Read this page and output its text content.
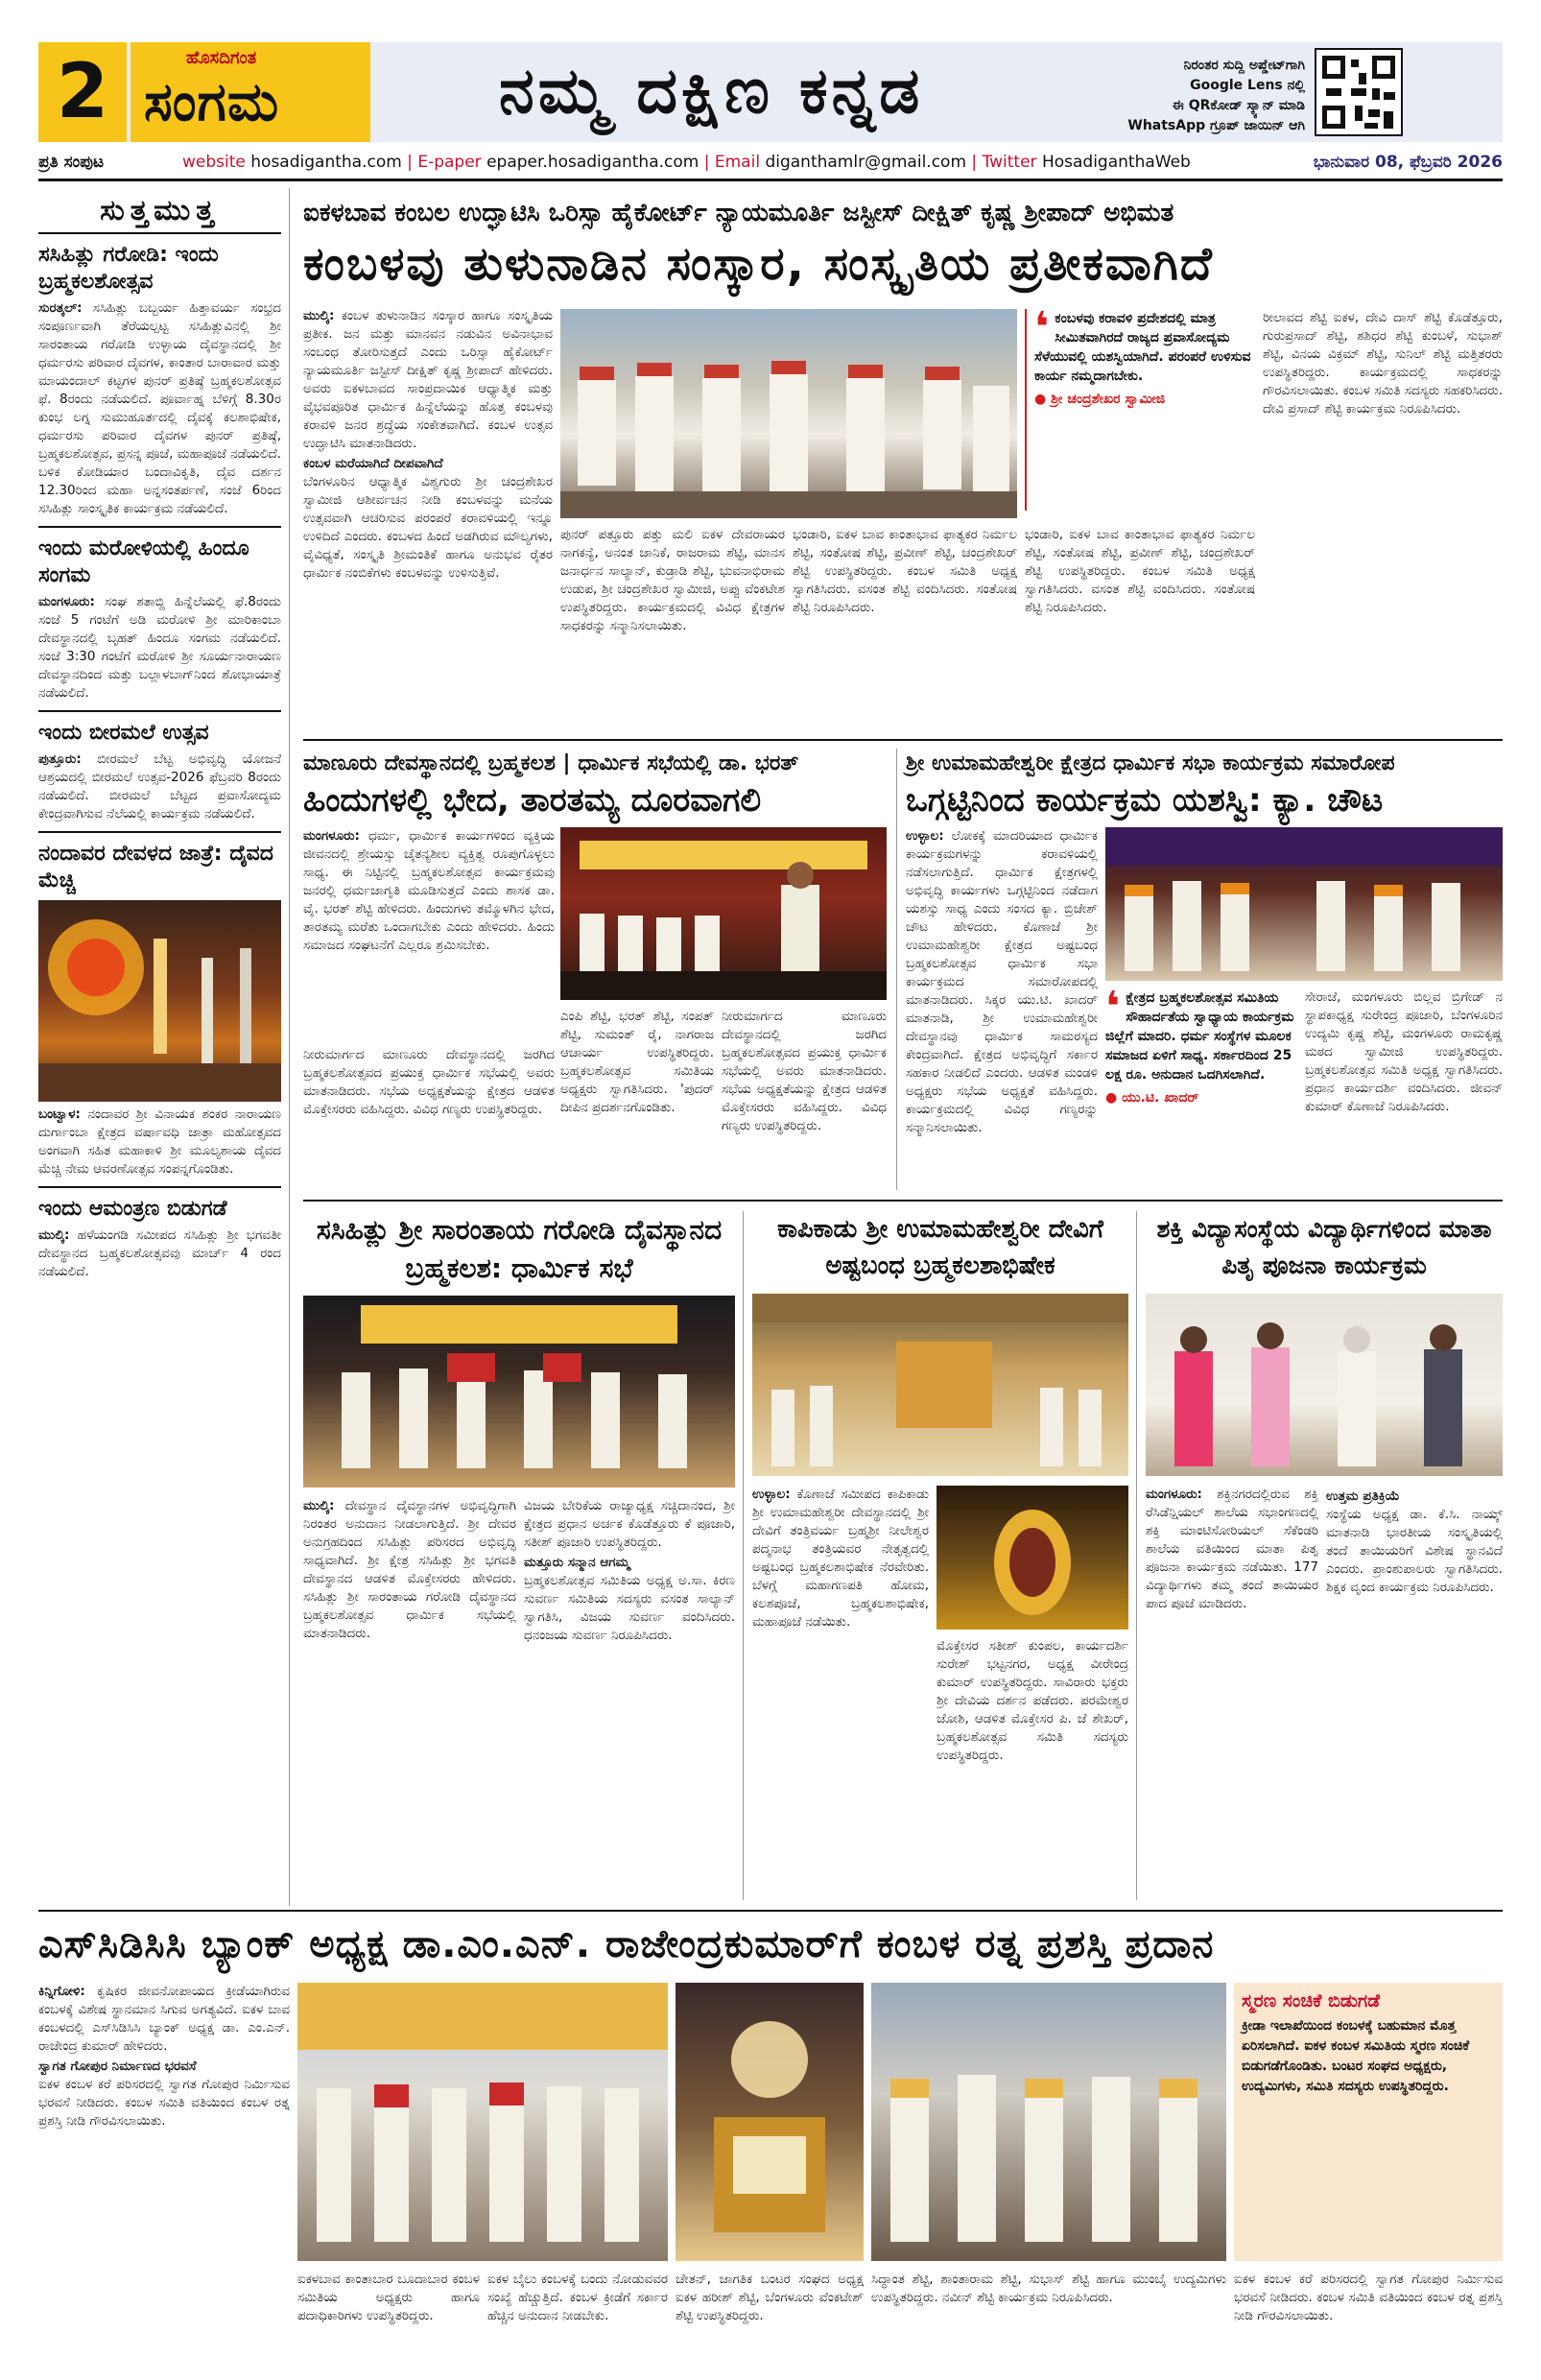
2	ಹೊಸದಿಗಂತ
ಸಂಗಮ	ನಮ್ಮ ದಕ್ಷಿಣ ಕನ್ನಡ	ನಿರಂತರ ಸುದ್ದಿ ಅಪ್ಡೇಟ್‌ಗಾಗಿ
Google Lens ನಲ್ಲಿ
ಈ QRಕೋಡ್ ಸ್ಕ್ಯಾನ್ ಮಾಡಿ
WhatsApp ಗ್ರೂಪ್ ಜಾಯಿನ್ ಆಗಿ
ಪ್ರತಿ ಸಂಪುಟ	website hosadigantha.com | E-paper epaper.hosadigantha.com | Email diganthamlr@gmail.com | Twitter HosadiganthaWeb	ಭಾನುವಾರ 08, ಫೆಬ್ರವರಿ 2026
ಸುತ್ತಮುತ್ತ
ಸಸಿಹಿತ್ಲು ಗರೋಡಿ: ಇಂದು ಬ್ರಹ್ಮಕಲಶೋತ್ಸವ
ಸುರತ್ಕಲ್: ಸಸಿಹಿತ್ಲು ಬಬ್ಬರ್ಯ ಹಿತ್ತಾವರ್ಯ ಸಂಭ್ರದ ಸಂಪೂರ್ಣವಾಗಿ ತೆರೆಯಲ್ಪಟ್ಟ ಸಸಿಹಿತ್ಲುವಿನಲ್ಲಿ ಶ್ರೀ ಸಾರಂತಾಯ ಗರೋಡಿ ಉಳ್ಳಾಯ ದೈವಸ್ಥಾನದಲ್ಲಿ ಶ್ರೀ ಧರ್ಮರಸು ಪರಿವಾರ ದೈವಗಳ, ಕಾಂತಾರ ಬಾರಾವಾರ ಮತ್ತು ಮಾಯಂದಾಲ್ ಕಟ್ಟಗಳ ಪುನರ್ ಪ್ರತಿಷ್ಠೆ ಬ್ರಹ್ಮಕಲಶೋತ್ಸವ ಫೆ. 8ರಂದು ನಡೆಯಲಿದೆ. ಪೂರ್ವಾಹ್ನ ಬೆಳಿಗ್ಗೆ 8.30ರ ಕುಂಭ ಲಗ್ನ ಸುಮುಹೂರ್ತದಲ್ಲಿ ದೈವಕ್ಕೆ ಕಲಶಾಭಿಷೇಕ, ಧರ್ಮರಸು ಪರಿವಾರ ದೈವಗಳ ಪುನರ್ ಪ್ರತಿಷ್ಠೆ, ಬ್ರಹ್ಮಕಲಶೋತ್ಸವ, ಪ್ರಸನ್ನ ಪೂಜೆ, ಮಹಾಪೂಜೆ ನಡೆಯಲಿದೆ. ಬಳಿಕ ಕೋಡಿಯಾರ ಬಂದಾವಿಕೃತಿ, ದೈವ ದರ್ಶನ 12.30ರಿಂದ ಮಹಾ ಅನ್ನಸಂತರ್ಪಣೆ, ಸಂಜೆ 6ರಿಂದ ಸಸಿಹಿತ್ಲು ಸಾಂಸ್ಕೃತಿಕ ಕಾರ್ಯಕ್ರಮ ನಡೆಯಲಿದೆ.
ಇಂದು ಮರೋಳಿಯಲ್ಲಿ ಹಿಂದೂ ಸಂಗಮ
ಮಂಗಳೂರು: ಸಂಘ ಶತಾಬ್ದಿ ಹಿನ್ನೆಲೆಯಲ್ಲಿ ಫೆ.8ರಂದು ಸಂಜೆ 5 ಗಂಟೆಗೆ ಅಡಿ ಮರೋಳಿ ಶ್ರೀ ಮಾರಿಕಾಂಬಾ ದೇವಸ್ಥಾನದಲ್ಲಿ ಬೃಹತ್ ಹಿಂದೂ ಸಂಗಮ ನಡೆಯಲಿದೆ. ಸಂಜೆ 3:30 ಗಂಟೆಗೆ ಮರೋಳಿ ಶ್ರೀ ಸೂರ್ಯನಾರಾಯಣ ದೇವಸ್ಥಾನದಿಂದ ಮತ್ತು ಬಲ್ಲಾಳಬಾಗ್‌ನಿಂದ ಶೋಭಾಯಾತ್ರೆ ನಡೆಯಲಿದೆ.
ಇಂದು ಬೀರಮಲೆ ಉತ್ಸವ
ಪುತ್ತೂರು: ಬೀರಮಲೆ ಬೆಟ್ಟ ಅಭಿವೃದ್ಧಿ ಯೋಜನೆ ಆಶ್ರಯದಲ್ಲಿ ಬೀರಮಲೆ ಉತ್ಸವ-2026 ಫೆಬ್ರವರಿ 8ರಂದು ನಡೆಯಲಿದೆ. ಬೀರಮಲೆ ಬೆಟ್ಟದ ಪ್ರವಾಸೋದ್ಯಮ ಕೇಂದ್ರವಾಗಿಸುವ ನೆಲೆಯಲ್ಲಿ ಕಾರ್ಯಕ್ರಮ ನಡೆಯಲಿದೆ.
ನಂದಾವರ ದೇವಳದ ಜಾತ್ರೆ: ದೈವದ ಮೆಚ್ಚಿ
ಬಂಟ್ವಾಳ: ನಂದಾವರ ಶ್ರೀ ವಿನಾಯಕ ಶಂಕರ ನಾರಾಯಣ ದುರ್ಗಾಂಬಾ ಕ್ಷೇತ್ರದ ವರ್ಷಾವಧಿ ಜಾತ್ರಾ ಮಹೋತ್ಸವದ ಅಂಗವಾಗಿ ಸಹಿತ ಮಹಾಕಾಳಿ ಶ್ರೀ ಮೂಲ್ಯಶಾಯ ದೈವದ ಮೆಚ್ಚಿ ನೇಮ ಆವರಣೋತ್ಸವ ಸಂಪನ್ನಗೊಂಡಿತು.
ಇಂದು ಆಮಂತ್ರಣ ಬಿಡುಗಡೆ
ಮುಲ್ಕಿ: ಹಳೆಯಂಗಡಿ ಸಮೀಪದ ಸಸಿಹಿತ್ಲು ಶ್ರೀ ಭಗವತೀ ದೇವಸ್ಥಾನದ ಬ್ರಹ್ಮಕಲಶೋತ್ಸವವು ಮಾರ್ಚ್ 4 ರಂದ ನಡೆಯಲಿದೆ.
ಐಕಳಬಾವ ಕಂಬಲ ಉದ್ಘಾಟಿಸಿ ಒರಿಸ್ಸಾ ಹೈಕೋರ್ಟ್ ನ್ಯಾಯಮೂರ್ತಿ ಜಸ್ಟೀಸ್ ದೀಕ್ಷಿತ್ ಕೃಷ್ಣ ಶ್ರೀಪಾದ್ ಅಭಿಮತ
ಕಂಬಳವು ತುಳುನಾಡಿನ ಸಂಸ್ಕಾರ, ಸಂಸ್ಕೃತಿಯ ಪ್ರತೀಕವಾಗಿದೆ
ಮುಲ್ಕಿ: ಕಂಬಳ ತುಳುನಾಡಿನ ಸಂಸ್ಕಾರ ಹಾಗೂ ಸಂಸ್ಕೃತಿಯ ಪ್ರತೀಕ. ಜನ ಮತ್ತು ಮಾನವನ ನಡುವಿನ ಅವಿನಾಭಾವ ಸಂಬಂಧ ತೋರಿಸುತ್ತದೆ ಎಂದು ಒರಿಸ್ಸಾ ಹೈಕೋರ್ಟ್ ನ್ಯಾಯಮೂರ್ತಿ ಜಸ್ಟೀಸ್ ದೀಕ್ಷಿತ್ ಕೃಷ್ಣ ಶ್ರೀಪಾದ್ ಹೇಳಿದರು. ಅವರು ಐಕಳಬಾವದ ಸಾಂಪ್ರದಾಯಿಕ ಆಧ್ಯಾತ್ಮಿಕ ಮತ್ತು ವೈಭವಪೂರಿತ ಧಾರ್ಮಿಕ ಹಿನ್ನೆಲೆಯನ್ನು ಹೊತ್ತ ಕಂಬಳವು ಕರಾವಳಿ ಜನರ ಶ್ರದ್ಧೆಯ ಸಂಕೇತವಾಗಿದೆ. ಕಂಬಳ ಉತ್ಸವ ಉದ್ಘಾಟಿಸಿ ಮಾತನಾಡಿದರು.
ಕಂಬಳ ಮರೆಯಾಗಿದೆ ದೀಪವಾಗಿದೆ
ಬೆಂಗಳೂರಿನ ಆಧ್ಯಾತ್ಮಿಕ ವಿಶ್ವಗುರು ಶ್ರೀ ಚಂದ್ರಶೇಖರ ಸ್ವಾಮೀಜಿ ಆಶೀರ್ವಚನ ನೀಡಿ ಕಂಬಳವನ್ನು ಮನೆಯ ಉತ್ಸವವಾಗಿ ಆಚರಿಸುವ ಪರಂಪರೆ ಕರಾವಳಿಯಲ್ಲಿ ಇನ್ನೂ ಉಳಿದಿದೆ ಎಂದರು. ಕಂಬಳದ ಹಿಂದೆ ಅಡಗಿರುವ ಮೌಲ್ಯಗಳು, ವೈವಿಧ್ಯತೆ, ಸಂಸ್ಕೃತಿ ಶ್ರೀಮಂತಿಕೆ ಹಾಗೂ ಅನುಭವ ರೈತರ ಧಾರ್ಮಿಕ ನಂಬಿಕೆಗಳು ಕಂಬಳವನ್ನು ಉಳಿಸುತ್ತಿವೆ.
ಪುನರ್ ಪತ್ತೂರು ಪತ್ತು ಮಲಿ ಐಕಳ ದೇವರಾಯರ ನಾಗಕನ್ಯೆ, ಅನಂತ ಜಾನಿಕೆ, ರಾಜರಾಮ ಶೆಟ್ಟಿ, ಮಾನಸ ಜನಾರ್ಧನ ಸಾಲ್ಯಾನ್, ಕುಡ್ರಾಡಿ ಶೆಟ್ಟಿ, ಭುವನಾಭಿರಾಮ ಉಡುಪ, ಶ್ರೀ ಚಂದ್ರಶೇಖರ ಸ್ವಾಮೀಜಿ, ಅಪ್ಪು ವೆಂಕಟೇಶ ಉಪಸ್ಥಿತರಿದ್ದರು. ಕಾರ್ಯಕ್ರಮದಲ್ಲಿ ವಿವಿಧ ಕ್ಷೇತ್ರಗಳ ಸಾಧಕರನ್ನು ಸನ್ಮಾನಿಸಲಾಯಿತು.
ಭಂಡಾರಿ, ಐಕಳ ಬಾವ ಕಾಂತಾಭಾವ ಫಾತ್ಯಕರ ನಿರ್ಮಲ ಶೆಟ್ಟಿ, ಸಂತೋಷ ಶೆಟ್ಟಿ, ಪ್ರವೀಣ್ ಶೆಟ್ಟಿ, ಚಂದ್ರಶೇಖರ್ ಶೆಟ್ಟಿ ಉಪಸ್ಥಿತರಿದ್ದರು. ಕಂಬಳ ಸಮಿತಿ ಅಧ್ಯಕ್ಷ ಸ್ವಾಗತಿಸಿದರು. ವಸಂತ ಶೆಟ್ಟಿ ವಂದಿಸಿದರು. ಸಂತೋಷ ಶೆಟ್ಟಿ ನಿರೂಪಿಸಿದರು.
❛ ಕಂಬಳವು ಕರಾವಳಿ ಪ್ರದೇಶದಲ್ಲಿ ಮಾತ್ರ ಸೀಮಿತವಾಗಿರದೆ ರಾಜ್ಯದ ಪ್ರವಾಸೋದ್ಯಮ ಸೆಳೆಯುವಲ್ಲಿ ಯಶಸ್ವಿಯಾಗಿದೆ. ಪರಂಪರೆ ಉಳಿಸುವ ಕಾರ್ಯ ನಮ್ಮದಾಗಬೇಕು.
● ಶ್ರೀ ಚಂದ್ರಶೇಖರ ಸ್ವಾಮೀಜಿ
ರೀಲಾವದ ಶೆಟ್ಟಿ ಐಕಳ, ದೇವಿ ದಾಸ್ ಶೆಟ್ಟಿ ಕೊಡೆತ್ತೂರು, ಗುರುಪ್ರಸಾದ್ ಶೆಟ್ಟಿ, ಶಶಿಧರ ಶೆಟ್ಟಿ ಕುಂಬಳೆ, ಸುಭಾಶ್ ಶೆಟ್ಟಿ, ವಿನಯ ವಿಕ್ರಮ್ ಶೆಟ್ಟಿ, ಸುನಿಲ್ ಶೆಟ್ಟಿ ಮತ್ತಿತರರು ಉಪಸ್ಥಿತರಿದ್ದರು. ಕಾರ್ಯಕ್ರಮದಲ್ಲಿ ಸಾಧಕರನ್ನು ಗೌರವಿಸಲಾಯಿತು. ಕಂಬಳ ಸಮಿತಿ ಸದಸ್ಯರು ಸಹಕರಿಸಿದರು. ದೇವಿ ಪ್ರಸಾದ್ ಶೆಟ್ಟಿ ಕಾರ್ಯಕ್ರಮ ನಿರೂಪಿಸಿದರು.
ಭಂಡಾರಿ, ಐಕಳ ಬಾವ ಕಾಂತಾಭಾವ ಫಾತ್ಯಕರ ನಿರ್ಮಲ ಶೆಟ್ಟಿ, ಸಂತೋಷ ಶೆಟ್ಟಿ, ಪ್ರವೀಣ್ ಶೆಟ್ಟಿ, ಚಂದ್ರಶೇಖರ್ ಶೆಟ್ಟಿ ಉಪಸ್ಥಿತರಿದ್ದರು. ಕಂಬಳ ಸಮಿತಿ ಅಧ್ಯಕ್ಷ ಸ್ವಾಗತಿಸಿದರು. ವಸಂತ ಶೆಟ್ಟಿ ವಂದಿಸಿದರು. ಸಂತೋಷ ಶೆಟ್ಟಿ ನಿರೂಪಿಸಿದರು.
ಮಾಣೂರು ದೇವಸ್ಥಾನದಲ್ಲಿ ಬ್ರಹ್ಮಕಲಶ | ಧಾರ್ಮಿಕ ಸಭೆಯಲ್ಲಿ ಡಾ. ಭರತ್
ಹಿಂದುಗಳಲ್ಲಿ ಭೇದ, ತಾರತಮ್ಯ ದೂರವಾಗಲಿ
ಮಂಗಳೂರು: ಧರ್ಮ, ಧಾರ್ಮಿಕ ಕಾರ್ಯಗಳಿಂದ ವ್ಯಕ್ತಿಯ ಜೀವನದಲ್ಲಿ ಶ್ರೇಯಸ್ಸು ಚೈತನ್ಯಶೀಲ ವ್ಯಕ್ತಿತ್ವ ರೂಪುಗೊಳ್ಳಲು ಸಾಧ್ಯ. ಈ ನಿಟ್ಟಿನಲ್ಲಿ ಬ್ರಹ್ಮಕಲಶೋತ್ಸವ ಕಾರ್ಯಕ್ರಮವು ಜನರಲ್ಲಿ ಧರ್ಮಜಾಗೃತಿ ಮೂಡಿಸುತ್ತದೆ ಎಂದು ಶಾಸಕ ಡಾ. ವೈ. ಭರತ್ ಶೆಟ್ಟಿ ಹೇಳಿದರು. ಹಿಂದುಗಳು ತಮ್ಮೊಳಗಿನ ಭೇದ, ತಾರತಮ್ಯ ಮರೆತು ಒಂದಾಗಬೇಕು ಎಂದು ಹೇಳಿದರು. ಹಿಂದು ಸಮಾಜದ ಸಂಘಟನೆಗೆ ಎಲ್ಲರೂ ಶ್ರಮಿಸಬೇಕು.
ನೀರುಮಾರ್ಗದ ಮಾಣೂರು ದೇವಸ್ಥಾನದಲ್ಲಿ ಜರಗಿದ ಬ್ರಹ್ಮಕಲಶೋತ್ಸವದ ಪ್ರಯುಕ್ತ ಧಾರ್ಮಿಕ ಸಭೆಯಲ್ಲಿ ಅವರು ಮಾತನಾಡಿದರು. ಸಭೆಯ ಅಧ್ಯಕ್ಷತೆಯನ್ನು ಕ್ಷೇತ್ರದ ಆಡಳಿತ ಮೊಕ್ತೇಸರರು ವಹಿಸಿದ್ದರು. ವಿವಿಧ ಗಣ್ಯರು ಉಪಸ್ಥಿತರಿದ್ದರು.
ಎಂಪಿ ಶೆಟ್ಟಿ, ಭರತ್ ಶೆಟ್ಟಿ, ಸಂಪತ್ ಶೆಟ್ಟಿ, ಸುಮಂತ್ ರೈ, ನಾಗರಾಜ ಆಚಾರ್ಯ ಉಪಸ್ಥಿತರಿದ್ದರು. ಬ್ರಹ್ಮಕಲಶೋತ್ಸವ ಸಮಿತಿಯ ಅಧ್ಯಕ್ಷರು ಸ್ವಾಗತಿಸಿದರು. 'ಪುದರ್ ದೀಪಿನ ಪ್ರದರ್ಶನಗೊಂಡಿತು.
ನೀರುಮಾರ್ಗದ ಮಾಣೂರು ದೇವಸ್ಥಾನದಲ್ಲಿ ಜರಗಿದ ಬ್ರಹ್ಮಕಲಶೋತ್ಸವದ ಪ್ರಯುಕ್ತ ಧಾರ್ಮಿಕ ಸಭೆಯಲ್ಲಿ ಅವರು ಮಾತನಾಡಿದರು. ಸಭೆಯ ಅಧ್ಯಕ್ಷತೆಯನ್ನು ಕ್ಷೇತ್ರದ ಆಡಳಿತ ಮೊಕ್ತೇಸರರು ವಹಿಸಿದ್ದರು. ವಿವಿಧ ಗಣ್ಯರು ಉಪಸ್ಥಿತರಿದ್ದರು.
ಶ್ರೀ ಉಮಾಮಹೇಶ್ವರೀ ಕ್ಷೇತ್ರದ ಧಾರ್ಮಿಕ ಸಭಾ ಕಾರ್ಯಕ್ರಮ ಸಮಾರೋಪ
ಒಗ್ಗಟ್ಟಿನಿಂದ ಕಾರ್ಯಕ್ರಮ ಯಶಸ್ವಿ: ಕ್ಯಾ. ಚೌಟ
ಉಳ್ಳಾಲ: ಲೋಕಕ್ಕೆ ಮಾದರಿಯಾದ ಧಾರ್ಮಿಕ ಕಾರ್ಯಕ್ರಮಗಳನ್ನು ಕರಾವಳಿಯಲ್ಲಿ ನಡೆಸಲಾಗುತ್ತಿದೆ. ಧಾರ್ಮಿಕ ಕ್ಷೇತ್ರಗಳಲ್ಲಿ ಅಭಿವೃದ್ಧಿ ಕಾರ್ಯಗಳು ಒಗ್ಗಟ್ಟಿನಿಂದ ನಡೆದಾಗ ಯಶಸ್ಸು ಸಾಧ್ಯ ಎಂದು ಸಂಸದ ಕ್ಯಾ. ಬ್ರಿಜೇಶ್ ಚೌಟ ಹೇಳಿದರು. ಕೊಣಾಜೆ ಶ್ರೀ ಉಮಾಮಹೇಶ್ವರೀ ಕ್ಷೇತ್ರದ ಅಷ್ಟಬಂಧ ಬ್ರಹ್ಮಕಲಶೋತ್ಸವ ಧಾರ್ಮಿಕ ಸಭಾ ಕಾರ್ಯಕ್ರಮದ ಸಮಾರೋಪದಲ್ಲಿ ಮಾತನಾಡಿದರು. ಸಿಕ್ಕರ ಯು.ಟಿ. ಖಾದರ್ ಮಾತನಾಡಿ, ಶ್ರೀ ಉಮಾಮಹೇಶ್ವರೀ ದೇವಸ್ಥಾನವು ಧಾರ್ಮಿಕ ಸಾಮರಸ್ಯದ ಕೇಂದ್ರವಾಗಿದೆ. ಕ್ಷೇತ್ರದ ಅಭಿವೃದ್ಧಿಗೆ ಸರ್ಕಾರ ಸಹಕಾರ ನೀಡಲಿದೆ ಎಂದರು. ಆಡಳಿತ ಮಂಡಳಿ ಅಧ್ಯಕ್ಷರು ಸಭೆಯ ಅಧ್ಯಕ್ಷತೆ ವಹಿಸಿದ್ದರು. ಕಾರ್ಯಕ್ರಮದಲ್ಲಿ ವಿವಿಧ ಗಣ್ಯರನ್ನು ಸನ್ಮಾನಿಸಲಾಯಿತು.
❛ ಕ್ಷೇತ್ರದ ಬ್ರಹ್ಮಕಲಶೋತ್ಸವ ಸಮಿತಿಯ ಸೌಹಾರ್ದತೆಯ ಸ್ವಾಧ್ಯಾಯ ಕಾರ್ಯಕ್ರಮ ಜಿಲ್ಲೆಗೆ ಮಾದರಿ. ಧರ್ಮ ಸಂಸ್ಥೆಗಳ ಮೂಲಕ ಸಮಾಜದ ಏಳಿಗೆ ಸಾಧ್ಯ. ಸರ್ಕಾರದಿಂದ 25 ಲಕ್ಷ ರೂ. ಅನುದಾನ ಒದಗಿಸಲಾಗಿದೆ.
● ಯು.ಟಿ. ಖಾದರ್
ಸೇರಾಜೆ, ಮಂಗಳೂರು ಬಿಲ್ಲವ ಬ್ರಿಗೇಡ್ ನ ಸ್ಥಾಪಕಾಧ್ಯಕ್ಷ ಸುರೇಂದ್ರ ಪೂಜಾರಿ, ಬೆಂಗಳೂರಿನ ಉದ್ಯಮಿ ಕೃಷ್ಣ ಶೆಟ್ಟಿ, ಮಂಗಳೂರು ರಾಮಕೃಷ್ಣ ಮಠದ ಸ್ವಾಮೀಜಿ ಉಪಸ್ಥಿತರಿದ್ದರು. ಬ್ರಹ್ಮಕಲಶೋತ್ಸವ ಸಮಿತಿ ಅಧ್ಯಕ್ಷ ಸ್ವಾಗತಿಸಿದರು. ಪ್ರಧಾನ ಕಾರ್ಯದರ್ಶಿ ವಂದಿಸಿದರು. ಜೀವನ್ ಕುಮಾರ್ ಕೊಣಾಜೆ ನಿರೂಪಿಸಿದರು.
ಸಸಿಹಿತ್ಲು ಶ್ರೀ ಸಾರಂತಾಯ ಗರೋಡಿ ದೈವಸ್ಥಾನದ ಬ್ರಹ್ಮಕಲಶ: ಧಾರ್ಮಿಕ ಸಭೆ
ಮುಲ್ಕಿ: ದೇವಸ್ಥಾನ ದೈವಸ್ಥಾನಗಳ ಅಭಿವೃದ್ಧಿಗಾಗಿ ನಿರಂತರ ಅನುದಾನ ನೀಡಲಾಗುತ್ತಿದೆ. ಶ್ರೀ ದೇವರ ಅನುಗ್ರಹದಿಂದ ಸಸಿಹಿತ್ಲು ಪರಿಸರದ ಅಭಿವೃದ್ಧಿ ಸಾಧ್ಯವಾಗಿದೆ. ಶ್ರೀ ಕ್ಷೇತ್ರ ಸಸಿಹಿತ್ಲು ಶ್ರೀ ಭಗವತಿ ದೇವಸ್ಥಾನದ ಆಡಳಿತ ಮೊಕ್ತೇಸರರು ಹೇಳಿದರು. ಸಸಿಹಿತ್ಲು ಶ್ರೀ ಸಾರಂತಾಯ ಗರೋಡಿ ದೈವಸ್ಥಾನದ ಬ್ರಹ್ಮಕಲಶೋತ್ಸವ ಧಾರ್ಮಿಕ ಸಭೆಯಲ್ಲಿ ಮಾತನಾಡಿದರು.
ವಿಜಯ ಬೇರಿಕೆಯ ರಾಜ್ಯಾಧ್ಯಕ್ಷ ಸಚ್ಚಿದಾನಂದ, ಶ್ರೀ ಕ್ಷೇತ್ರದ ಪ್ರಧಾನ ಅರ್ಚಕ ಕೊಡೆತ್ತೂರು ಕೆ ಪೂಜಾರಿ, ಸತೀಶ್ ಪೂಜಾರಿ ಉಪಸ್ಥಿತರಿದ್ದರು.
ಮತ್ತೂರು ಸನ್ಮಾನ ಆಗಮ್ಮ
ಬ್ರಹ್ಮಕಲಶೋತ್ಸವ ಸಮಿತಿಯ ಅಧ್ಯಕ್ಷ ಅ.ಸಾ. ಕಿರಣ ಸುವರ್ಣ ಸಮಿತಿಯ ಸದಸ್ಯರು ವಸಂತ ಸಾಲ್ಯಾನ್ ಸ್ವಾಗತಿಸಿ, ವಿಜಯ ಸುವರ್ಣ ವಂದಿಸಿದರು. ಧನಂಜಯ ಸುವರ್ಣ ನಿರೂಪಿಸಿದರು.
ಕಾಪಿಕಾಡು ಶ್ರೀ ಉಮಾಮಹೇಶ್ವರೀ ದೇವಿಗೆ ಅಷ್ಟಬಂಧ ಬ್ರಹ್ಮಕಲಶಾಭಿಷೇಕ
ಉಳ್ಳಾಲ: ಕೊಣಾಜೆ ಸಮೀಪದ ಕಾಪಿಕಾಡು ಶ್ರೀ ಉಮಾಮಹೇಶ್ವರೀ ದೇವಸ್ಥಾನದಲ್ಲಿ ಶ್ರೀ ದೇವಿಗೆ ತಂತ್ರಿವರ್ಯ ಬ್ರಹ್ಮಶ್ರೀ ನೀಲೇಶ್ವರ ಪದ್ಮನಾಭ ತಂತ್ರಿಯವರ ನೇತೃತ್ವದಲ್ಲಿ ಅಷ್ಟಬಂಧ ಬ್ರಹ್ಮಕಲಶಾಭಿಷೇಕ ನೆರವೇರಿತು. ಬೆಳಗ್ಗೆ ಮಹಾಗಣಪತಿ ಹೋಮ, ಕಲಶಪೂಜೆ, ಬ್ರಹ್ಮಕಲಶಾಭಿಷೇಕ, ಮಹಾಪೂಜೆ ನಡೆಯಿತು.
ಮೊಕ್ತೇಸರ ಸತೀಶ್ ಕುಂಪಲ, ಕಾರ್ಯದರ್ಶಿ ಸುರೇಶ್ ಭಟ್ಟನಗರ, ಅಧ್ಯಕ್ಷ ವೀರೇಂದ್ರ ಕುಮಾರ್ ಉಪಸ್ಥಿತರಿದ್ದರು. ಸಾವಿರಾರು ಭಕ್ತರು ಶ್ರೀ ದೇವಿಯ ದರ್ಶನ ಪಡೆದರು. ಪರಮೇಶ್ವರ ಜೋಶಿ, ಆಡಳಿತ ಮೊಕ್ತೇಸರ ಪಿ. ಜೆ ಶೇಖರ್, ಬ್ರಹ್ಮಕಲಶೋತ್ಸವ ಸಮಿತಿ ಸದಸ್ಯರು ಉಪಸ್ಥಿತರಿದ್ದರು.
ಶಕ್ತಿ ವಿದ್ಯಾಸಂಸ್ಥೆಯ ವಿದ್ಯಾರ್ಥಿಗಳಿಂದ ಮಾತಾ ಪಿತೃ ಪೂಜನಾ ಕಾರ್ಯಕ್ರಮ
ಮಂಗಳೂರು: ಶಕ್ತಿನಗರದಲ್ಲಿರುವ ಶಕ್ತಿ ರೆಸಿಡೆನ್ಷಿಯಲ್ ಶಾಲೆಯ ಸಭಾಂಗಣದಲ್ಲಿ ಶಕ್ತಿ ಮಾಂಟಿಸೋರಿಯಲ್ ಸೆಕೆಂಡರಿ ಶಾಲೆಯ ವತಿಯಿಂದ ಮಾತಾ ಪಿತೃ ಪೂಜನಾ ಕಾರ್ಯಕ್ರಮ ನಡೆಯಿತು. 177 ವಿದ್ಯಾರ್ಥಿಗಳು ತಮ್ಮ ತಂದೆ ತಾಯಿಯರ ಪಾದ ಪೂಜೆ ಮಾಡಿದರು.
ಉತ್ತಮ ಪ್ರತಿಕ್ರಿಯೆ
ಸಂಸ್ಥೆಯ ಅಧ್ಯಕ್ಷ ಡಾ. ಕೆ.ಸಿ. ನಾಯ್ಕ್ ಮಾತನಾಡಿ ಭಾರತೀಯ ಸಂಸ್ಕೃತಿಯಲ್ಲಿ ತಂದೆ ತಾಯಿಯರಿಗೆ ವಿಶೇಷ ಸ್ಥಾನವಿದೆ ಎಂದರು. ಪ್ರಾಂಶುಪಾಲರು ಸ್ವಾಗತಿಸಿದರು. ಶಿಕ್ಷಕ ವೃಂದ ಕಾರ್ಯಕ್ರಮ ನಿರೂಪಿಸಿದರು.
ಎಸ್‌ಸಿಡಿಸಿಸಿ ಬ್ಯಾಂಕ್ ಅಧ್ಯಕ್ಷ ಡಾ.ಎಂ.ಎನ್. ರಾಜೇಂದ್ರಕುಮಾರ್‌ಗೆ ಕಂಬಳ ರತ್ನ ಪ್ರಶಸ್ತಿ ಪ್ರದಾನ
ಕಿನ್ನಿಗೋಳಿ: ಕೃಷಿಕರ ಜೀವನೋಪಾಯದ ಕ್ರೀಡೆಯಾಗಿರುವ ಕಂಬಳಕ್ಕೆ ವಿಶೇಷ ಸ್ಥಾನಮಾನ ಸಿಗುವ ಅಗತ್ಯವಿದೆ. ಐಕಳ ಬಾವ ಕಂಬಳದಲ್ಲಿ ಎಸ್‌ಸಿಡಿಸಿಸಿ ಬ್ಯಾಂಕ್ ಅಧ್ಯಕ್ಷ ಡಾ. ಎಂ.ಎನ್. ರಾಜೇಂದ್ರ ಕುಮಾರ್ ಹೇಳಿದರು.
ಸ್ವಾಗತ ಗೋಪುರ ನಿರ್ಮಾಣದ ಭರವಸೆ
ಐಕಳ ಕಂಬಳ ಕರೆ ಪರಿಸರದಲ್ಲಿ ಸ್ವಾಗತ ಗೋಪುರ ನಿರ್ಮಿಸುವ ಭರವಸೆ ನೀಡಿದರು. ಕಂಬಳ ಸಮಿತಿ ವತಿಯಿಂದ ಕಂಬಳ ರತ್ನ ಪ್ರಶಸ್ತಿ ನೀಡಿ ಗೌರವಿಸಲಾಯಿತು.
ಸ್ಮರಣ ಸಂಚಿಕೆ ಬಿಡುಗಡೆ
ಕ್ರೀಡಾ ಇಲಾಖೆಯಿಂದ ಕಂಬಳಕ್ಕೆ ಬಹುಮಾನ ಮೊತ್ತ ಏರಿಸಲಾಗಿದೆ. ಐಕಳ ಕಂಬಳ ಸಮಿತಿಯ ಸ್ಮರಣ ಸಂಚಿಕೆ ಬಿಡುಗಡೆಗೊಂಡಿತು. ಬಂಟರ ಸಂಘದ ಅಧ್ಯಕ್ಷರು, ಉದ್ಯಮಿಗಳು, ಸಮಿತಿ ಸದಸ್ಯರು ಉಪಸ್ಥಿತರಿದ್ದರು.
ಐಕಳಬಾವ ಕಾಂತಾಬಾರ ಬೂದಾಬಾರ ಕಂಬಳ ಸಮಿತಿಯ ಅಧ್ಯಕ್ಷರು ಹಾಗೂ ಪದಾಧಿಕಾರಿಗಳು ಉಪಸ್ಥಿತರಿದ್ದರು.
ಐಕಳ ಬೈಲು ಕಂಬಳಕ್ಕೆ ಬಂದು ನೋಡುವವರ ಸಂಖ್ಯೆ ಹೆಚ್ಚುತ್ತಿದೆ. ಕಂಬಳ ಕ್ರೀಡೆಗೆ ಸರ್ಕಾರ ಹೆಚ್ಚಿನ ಅನುದಾನ ನೀಡಬೇಕು.
ಚೇತನ್, ಜಾಗತಿಕ ಬಂಟರ ಸಂಘದ ಅಧ್ಯಕ್ಷ ಐಕಳ ಹರೀಶ್ ಶೆಟ್ಟಿ, ಬೆಂಗಳೂರು ವೆಂಕಟೇಶ್ ಶೆಟ್ಟಿ ಉಪಸ್ಥಿತರಿದ್ದರು.
ಸಿದ್ಧಾಂತ ಶೆಟ್ಟಿ, ಶಾಂತಾರಾಮ ಶೆಟ್ಟಿ, ಸುಭಾಸ್ ಶೆಟ್ಟಿ ಹಾಗೂ ಮುಂಬೈ ಉದ್ಯಮಿಗಳು ಉಪಸ್ಥಿತರಿದ್ದರು. ನವೀನ್ ಶೆಟ್ಟಿ ಕಾರ್ಯಕ್ರಮ ನಿರೂಪಿಸಿದರು.
ಐಕಳ ಕಂಬಳ ಕರೆ ಪರಿಸರದಲ್ಲಿ ಸ್ವಾಗತ ಗೋಪುರ ನಿರ್ಮಿಸುವ ಭರವಸೆ ನೀಡಿದರು. ಕಂಬಳ ಸಮಿತಿ ವತಿಯಿಂದ ಕಂಬಳ ರತ್ನ ಪ್ರಶಸ್ತಿ ನೀಡಿ ಗೌರವಿಸಲಾಯಿತು.
